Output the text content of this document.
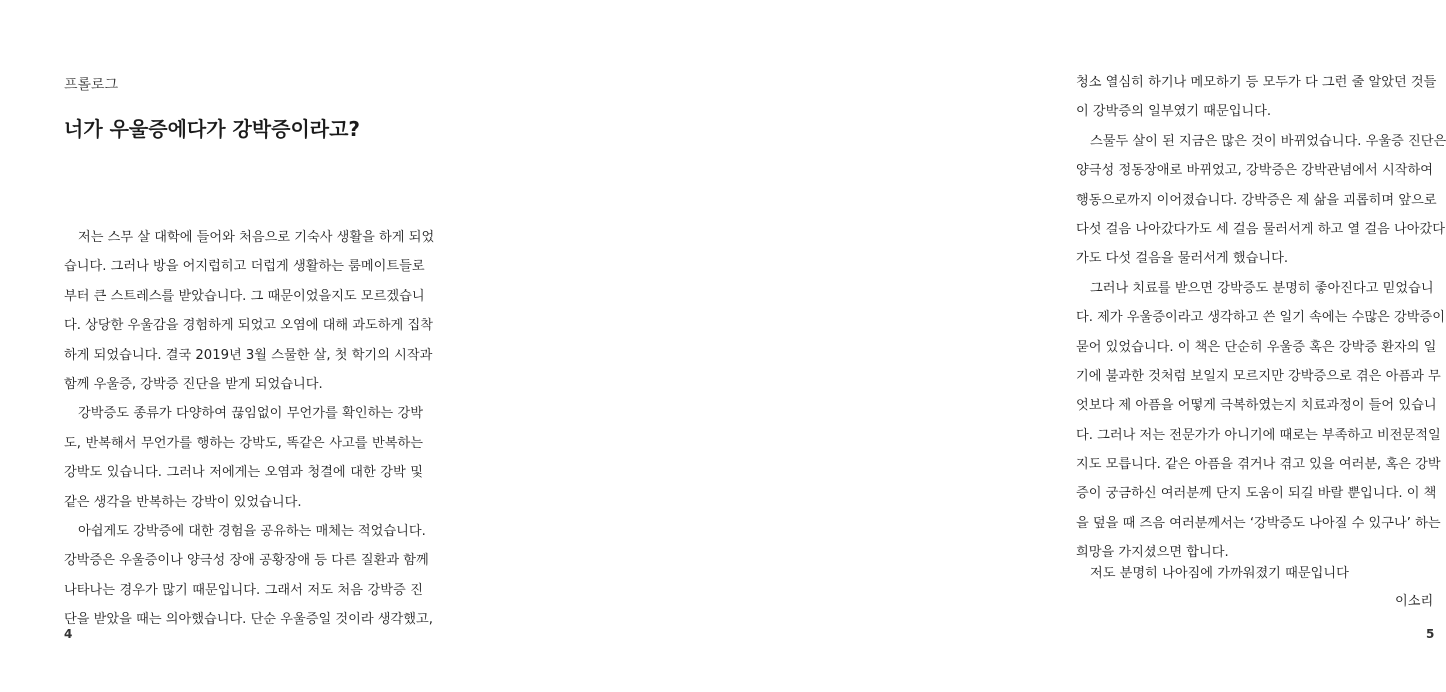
프롤로그
너가 우울증에다가 강박증이라고?
저는 스무 살 대학에 들어와 처음으로 기숙사 생활을 하게 되었
습니다. 그러나 방을 어지럽히고 더럽게 생활하는 룸메이트들로
부터 큰 스트레스를 받았습니다. 그 때문이었을지도 모르겠습니
다. 상당한 우울감을 경험하게 되었고 오염에 대해 과도하게 집착
하게 되었습니다. 결국 2019년 3월 스물한 살, 첫 학기의 시작과
함께 우울증, 강박증 진단을 받게 되었습니다.
강박증도 종류가 다양하여 끊임없이 무언가를 확인하는 강박
도, 반복해서 무언가를 행하는 강박도, 똑같은 사고를 반복하는
강박도 있습니다. 그러나 저에게는 오염과 청결에 대한 강박 및
같은 생각을 반복하는 강박이 있었습니다.
아쉽게도 강박증에 대한 경험을 공유하는 매체는 적었습니다.
강박증은 우울증이나 양극성 장애 공황장애 등 다른 질환과 함께
나타나는 경우가 많기 때문입니다. 그래서 저도 처음 강박증 진
단을 받았을 때는 의아했습니다. 단순 우울증일 것이라 생각했고,
4
청소 열심히 하기나 메모하기 등 모두가 다 그런 줄 알았던 것들
이 강박증의 일부였기 때문입니다.
스물두 살이 된 지금은 많은 것이 바뀌었습니다. 우울증 진단은
양극성 정동장애로 바뀌었고, 강박증은 강박관념에서 시작하여
행동으로까지 이어졌습니다. 강박증은 제 삶을 괴롭히며 앞으로
다섯 걸음 나아갔다가도 세 걸음 물러서게 하고 열 걸음 나아갔다
가도 다섯 걸음을 물러서게 했습니다.
그러나 치료를 받으면 강박증도 분명히 좋아진다고 믿었습니
다. 제가 우울증이라고 생각하고 쓴 일기 속에는 수많은 강박증이
묻어 있었습니다. 이 책은 단순히 우울증 혹은 강박증 환자의 일
기에 불과한 것처럼 보일지 모르지만 강박증으로 겪은 아픔과 무
엇보다 제 아픔을 어떻게 극복하였는지 치료과정이 들어 있습니
다. 그러나 저는 전문가가 아니기에 때로는 부족하고 비전문적일
지도 모릅니다. 같은 아픔을 겪거나 겪고 있을 여러분, 혹은 강박
증이 궁금하신 여러분께 단지 도움이 되길 바랄 뿐입니다. 이 책
을 덮을 때 즈음 여러분께서는 ‘강박증도 나아질 수 있구나’ 하는
희망을 가지셨으면 합니다.
저도 분명히 나아짐에 가까워졌기 때문입니다
이소리
5
